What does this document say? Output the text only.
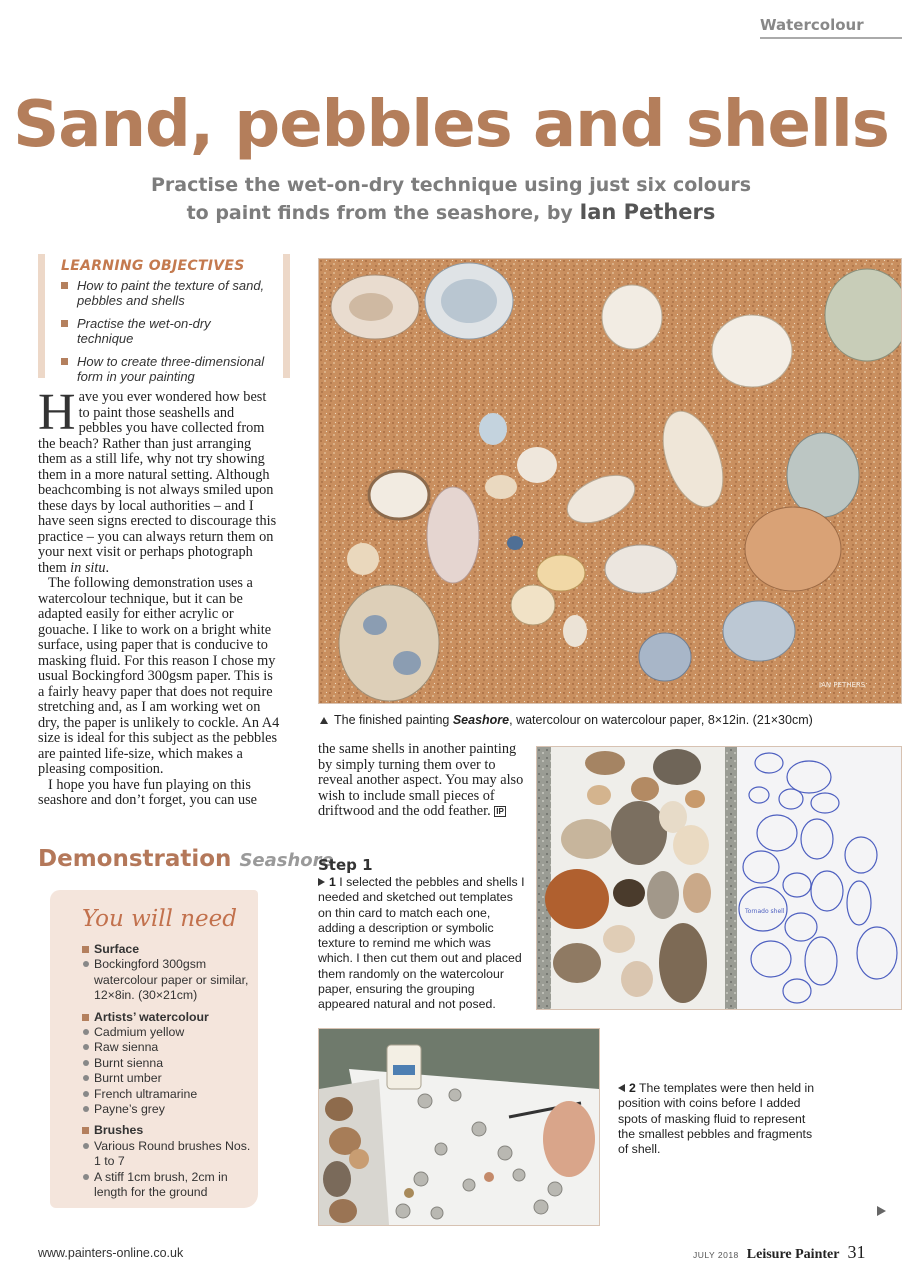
Watercolour
Sand, pebbles and shells
Practise the wet-on-dry technique using just six colours
to paint finds from the seashore, by Ian Pethers
LEARNING OBJECTIVES
How to paint the texture of sand, pebbles and shells
Practise the wet-on-dry technique
How to create three-dimensional form in your painting

Have you ever wondered how best to paint those seashells and pebbles you have collected from the beach? Rather than just arranging them as a still life, why not try showing them in a more natural setting. Although beachcombing is not always smiled upon these days by local authorities – and I have seen signs erected to discourage this practice – you can always return them on your next visit or perhaps photograph them in situ.

The following demonstration uses a watercolour technique, but it can be adapted easily for either acrylic or gouache. I like to work on a bright white surface, using paper that is conducive to masking fluid. For this reason I chose my usual Bockingford 300gsm paper. This is a fairly heavy paper that does not require stretching and, as I am working wet on dry, the paper is unlikely to cockle. An A4 size is ideal for this subject as the pebbles are painted life-size, which makes a pleasing composition.

I hope you have fun playing on this seashore and don’t forget, you can use

Demonstration Seashore
You will need
Surface
Bockingford 300gsm watercolour paper or similar, 12×8in. (30×21cm)
Artists’ watercolour
Cadmium yellow
Raw sienna
Burnt sienna
Burnt umber
French ultramarine
Payne’s grey
Brushes
Various Round brushes Nos. 1 to 7
A stiff 1cm brush, 2cm in length for the ground
IAN PETHERS
The finished painting Seashore, watercolour on watercolour paper, 8×12in. (21×30cm)

the same shells in another painting by simply turning them over to reveal another aspect. You may also wish to include small pieces of driftwood and the odd feather. IP

Tornado shell
Step 1
1 I selected the pebbles and shells I needed and sketched out templates on thin card to match each one, adding a description or symbolic texture to remind me which was which. I then cut them out and placed them randomly on the watercolour paper, ensuring the grouping appeared natural and not posed.
2 The templates were then held in position with coins before I added spots of masking fluid to represent the smallest pebbles and fragments of shell.
www.painters-online.co.uk	JULY 2018 Leisure Painter 31
